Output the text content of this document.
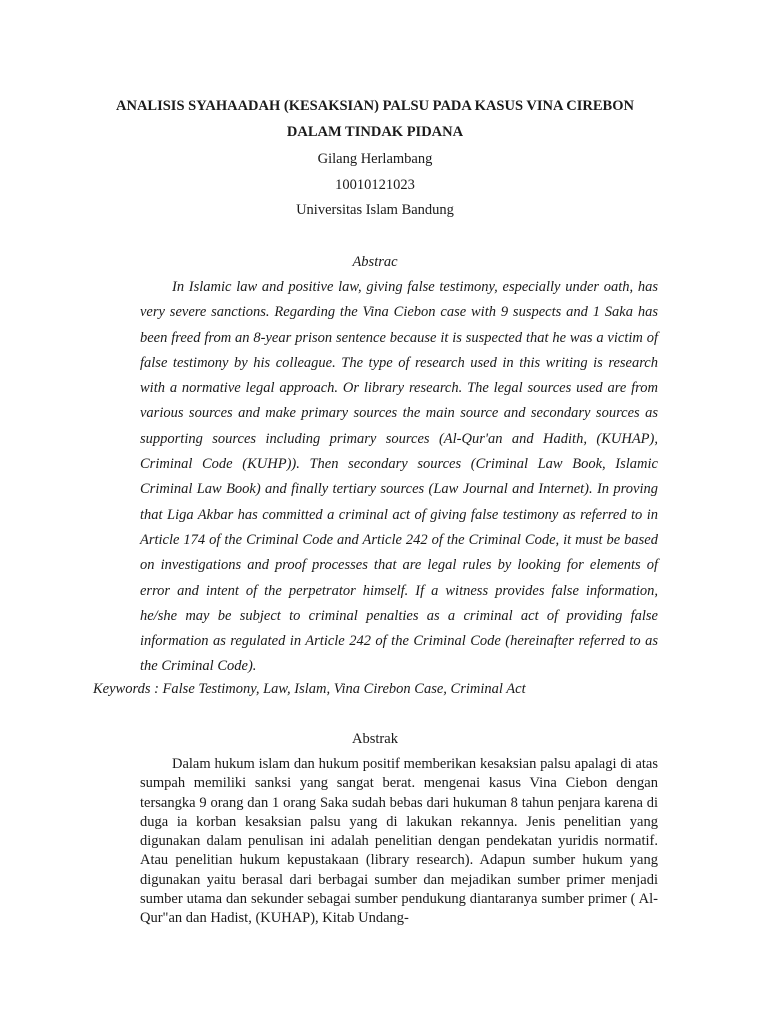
ANALISIS SYAHAADAH (KESAKSIAN) PALSU PADA KASUS VINA CIREBON

DALAM TINDAK PIDANA

Gilang Herlambang

10010121023

Universitas Islam Bandung

Abstrac

In Islamic law and positive law, giving false testimony, especially under oath, has very severe sanctions. Regarding the Vina Ciebon case with 9 suspects and 1 Saka has been freed from an 8-year prison sentence because it is suspected that he was a victim of false testimony by his colleague. The type of research used in this writing is research with a normative legal approach. Or library research. The legal sources used are from various sources and make primary sources the main source and secondary sources as supporting sources including primary sources (Al-Qur'an and Hadith, (KUHAP), Criminal Code (KUHP)). Then secondary sources (Criminal Law Book, Islamic Criminal Law Book) and finally tertiary sources (Law Journal and Internet). In proving that Liga Akbar has committed a criminal act of giving false testimony as referred to in Article 174 of the Criminal Code and Article 242 of the Criminal Code, it must be based on investigations and proof processes that are legal rules by looking for elements of error and intent of the perpetrator himself. If a witness provides false information, he/she may be subject to criminal penalties as a criminal act of providing false information as regulated in Article 242 of the Criminal Code (hereinafter referred to as the Criminal Code).

Keywords : False Testimony, Law, Islam, Vina Cirebon Case, Criminal Act

Abstrak

Dalam hukum islam dan hukum positif memberikan kesaksian palsu apalagi di atas sumpah memiliki sanksi yang sangat berat. mengenai kasus Vina Ciebon dengan tersangka 9 orang dan 1 orang Saka sudah bebas dari hukuman 8 tahun penjara karena di duga ia korban kesaksian palsu yang di lakukan rekannya. Jenis penelitian yang digunakan dalam penulisan ini adalah penelitian dengan pendekatan yuridis normatif. Atau penelitian hukum kepustakaan (library research). Adapun sumber hukum yang digunakan yaitu berasal dari berbagai sumber dan mejadikan sumber primer menjadi sumber utama dan sekunder sebagai sumber pendukung diantaranya sumber primer ( Al-Qur"an dan Hadist, (KUHAP), Kitab Undang-
